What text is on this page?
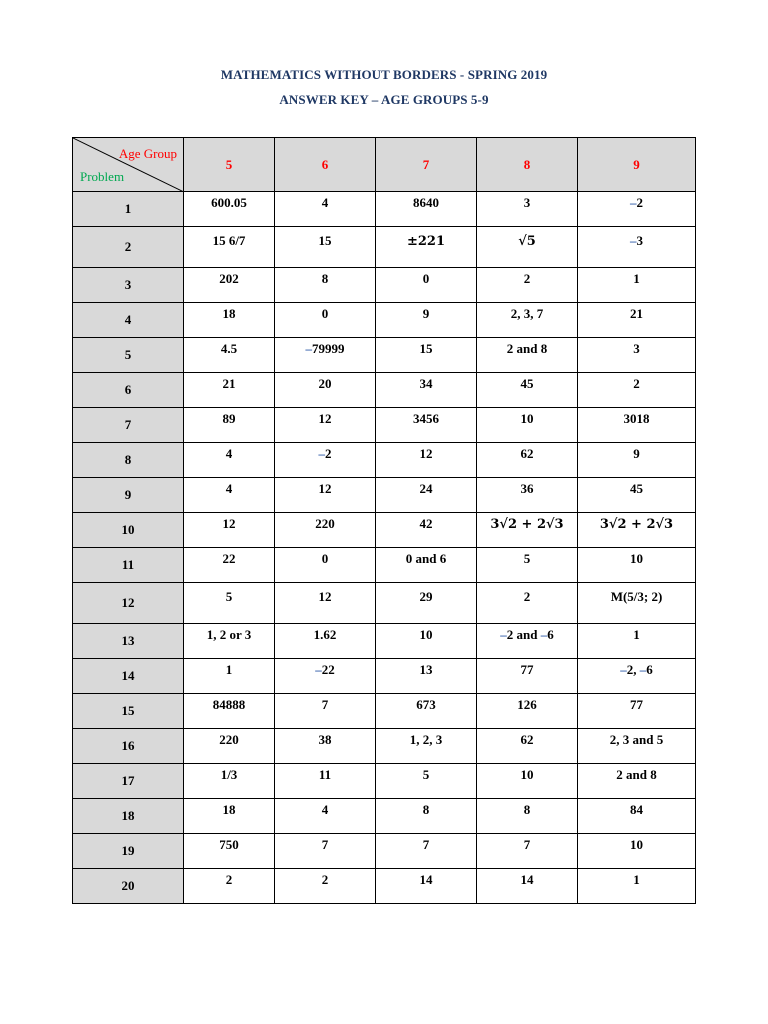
MATHEMATICS WITHOUT BORDERS - SPRING 2019
ANSWER KEY – AGE GROUPS 5-9
Age Group
Problem	5	6	7	8	9
1	600.05	4	8640	3	–2
2	15 6/7	15	±221	√5	–3
3	202	8	0	2	1
4	18	0	9	2, 3, 7	21
5	4.5	–79999	15	2 and 8	3
6	21	20	34	45	2
7	89	12	3456	10	3018
8	4	–2	12	62	9
9	4	12	24	36	45
10	12	220	42	3√2 + 2√3	3√2 + 2√3
11	22	0	0 and 6	5	10
12	5	12	29	2	M(5/3; 2)
13	1, 2 or 3	1.62	10	–2 and –6	1
14	1	–22	13	77	–2, –6
15	84888	7	673	126	77
16	220	38	1, 2, 3	62	2, 3 and 5
17	1/3	11	5	10	2 and 8
18	18	4	8	8	84
19	750	7	7	7	10
20	2	2	14	14	1
